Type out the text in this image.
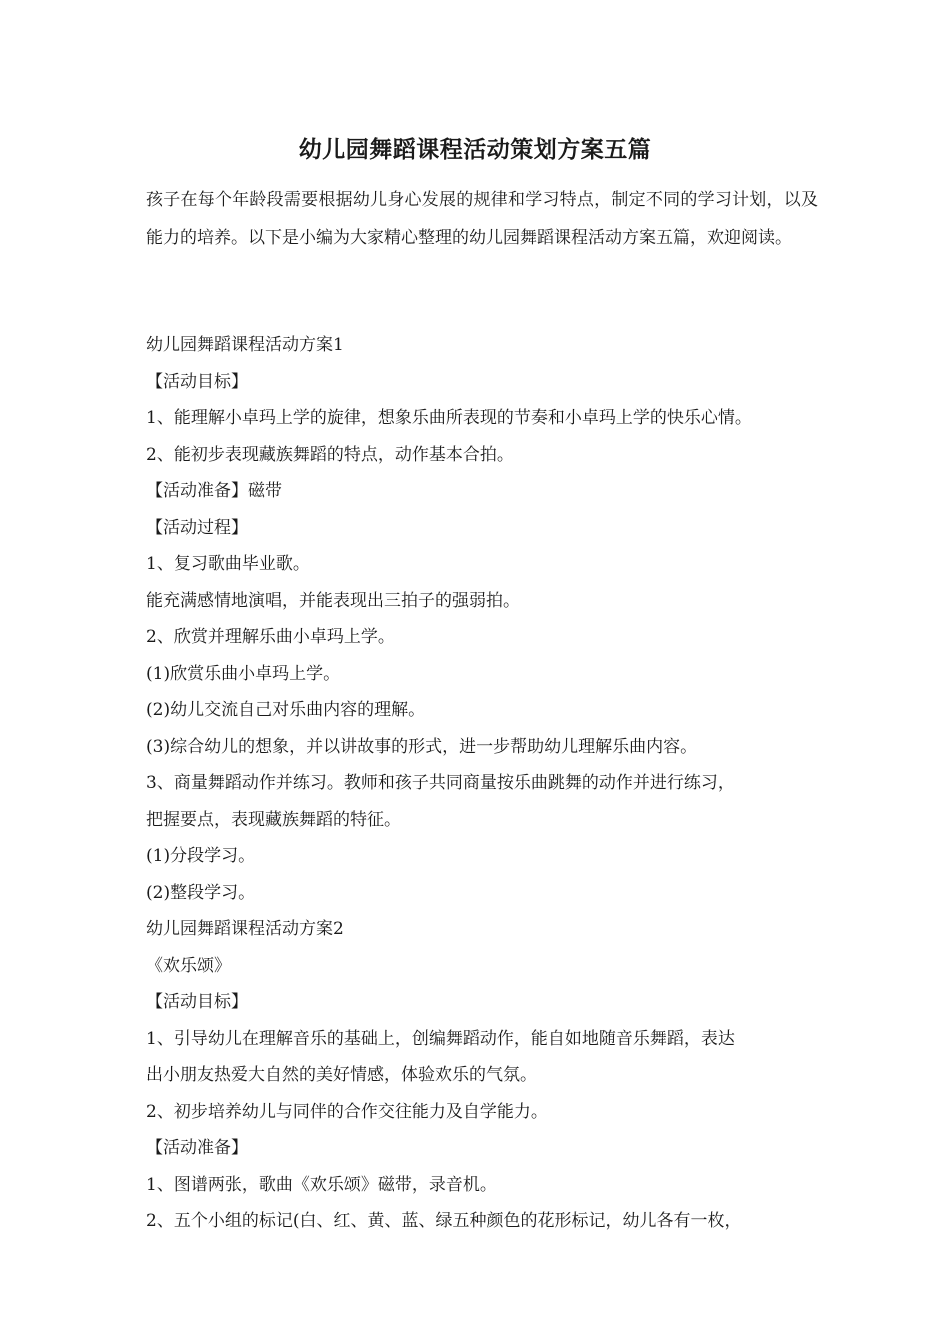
幼儿园舞蹈课程活动策划方案五篇
孩子在每个年龄段需要根据幼儿身心发展的规律和学习特点，制定不同的学习计划，以及能力的培养。以下是小编为大家精心整理的幼儿园舞蹈课程活动方案五篇，欢迎阅读。
幼儿园舞蹈课程活动方案1
【活动目标】
1、能理解小卓玛上学的旋律，想象乐曲所表现的节奏和小卓玛上学的快乐心情。
2、能初步表现藏族舞蹈的特点，动作基本合拍。
【活动准备】磁带
【活动过程】
1、复习歌曲毕业歌。
能充满感情地演唱，并能表现出三拍子的强弱拍。
2、欣赏并理解乐曲小卓玛上学。
(1)欣赏乐曲小卓玛上学。
(2)幼儿交流自己对乐曲内容的理解。
(3)综合幼儿的想象，并以讲故事的形式，进一步帮助幼儿理解乐曲内容。
3、商量舞蹈动作并练习。教师和孩子共同商量按乐曲跳舞的动作并进行练习，
把握要点，表现藏族舞蹈的特征。
(1)分段学习。
(2)整段学习。
幼儿园舞蹈课程活动方案2
《欢乐颂》
【活动目标】
1、引导幼儿在理解音乐的基础上，创编舞蹈动作，能自如地随音乐舞蹈，表达
出小朋友热爱大自然的美好情感，体验欢乐的气氛。
2、初步培养幼儿与同伴的合作交往能力及自学能力。
【活动准备】
1、图谱两张，歌曲《欢乐颂》磁带，录音机。
2、五个小组的标记(白、红、黄、蓝、绿五种颜色的花形标记，幼儿各有一枚，
